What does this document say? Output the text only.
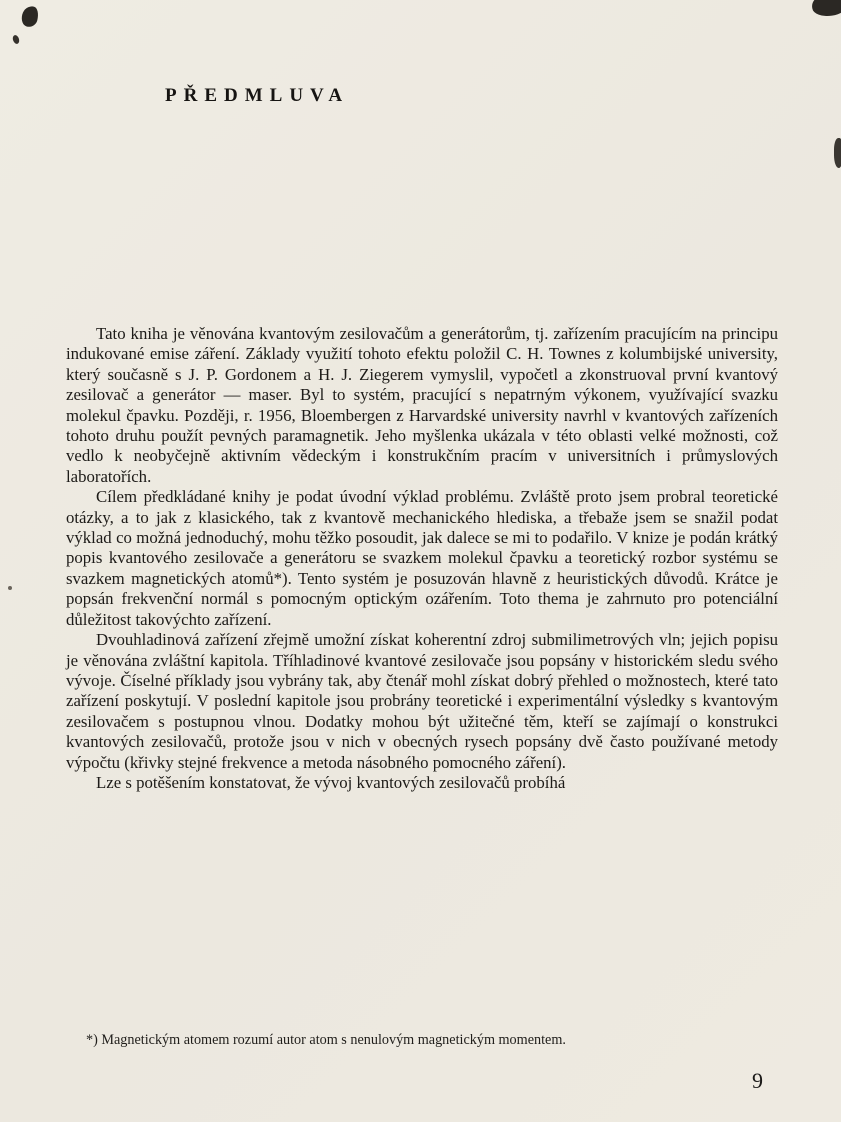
PŘEDMLUVA

Tato kniha je věnována kvantovým zesilovačům a generátorům, tj. zařízením pracujícím na principu indukované emise záření. Základy využití tohoto efektu položil C. H. Townes z kolumbijské university, který současně s J. P. Gordonem a H. J. Ziegerem vymyslil, vypočetl a zkonstruoval první kvantový zesilovač a generátor — maser. Byl to systém, pracující s nepatrným výkonem, využívající svazku molekul čpavku. Později, r. 1956, Bloembergen z Harvardské university navrhl v kvantových zařízeních tohoto druhu použít pevných paramagnetik. Jeho myšlenka ukázala v této oblasti velké možnosti, což vedlo k neobyčejně aktivním vědeckým i konstrukčním pracím v universitních i průmyslových laboratořích.

Cílem předkládané knihy je podat úvodní výklad problému. Zvláště proto jsem probral teoretické otázky, a to jak z klasického, tak z kvantově mechanického hlediska, a třebaže jsem se snažil podat výklad co možná jednoduchý, mohu těžko posoudit, jak dalece se mi to podařilo. V knize je podán krátký popis kvantového zesilovače a generátoru se svazkem molekul čpavku a teoretický rozbor systému se svazkem magnetických atomů*). Tento systém je posuzován hlavně z heuristických důvodů. Krátce je popsán frekvenční normál s pomocným optickým ozářením. Toto thema je zahrnuto pro potenciální důležitost takovýchto zařízení.

Dvouhladinová zařízení zřejmě umožní získat koherentní zdroj submilimetrových vln; jejich popisu je věnována zvláštní kapitola. Tříhladinové kvantové zesilovače jsou popsány v historickém sledu svého vývoje. Číselné příklady jsou vybrány tak, aby čtenář mohl získat dobrý přehled o možnostech, které tato zařízení poskytují. V poslední kapitole jsou probrány teoretické i experimentální výsledky s kvantovým zesilovačem s postupnou vlnou. Dodatky mohou být užitečné těm, kteří se zajímají o konstrukci kvantových zesilovačů, protože jsou v nich v obecných rysech popsány dvě často používané metody výpočtu (křivky stejné frekvence a metoda násobného pomocného záření).

Lze s potěšením konstatovat, že vývoj kvantových zesilovačů probíhá

*) Magnetickým atomem rozumí autor atom s nenulovým magnetickým momentem.
9
